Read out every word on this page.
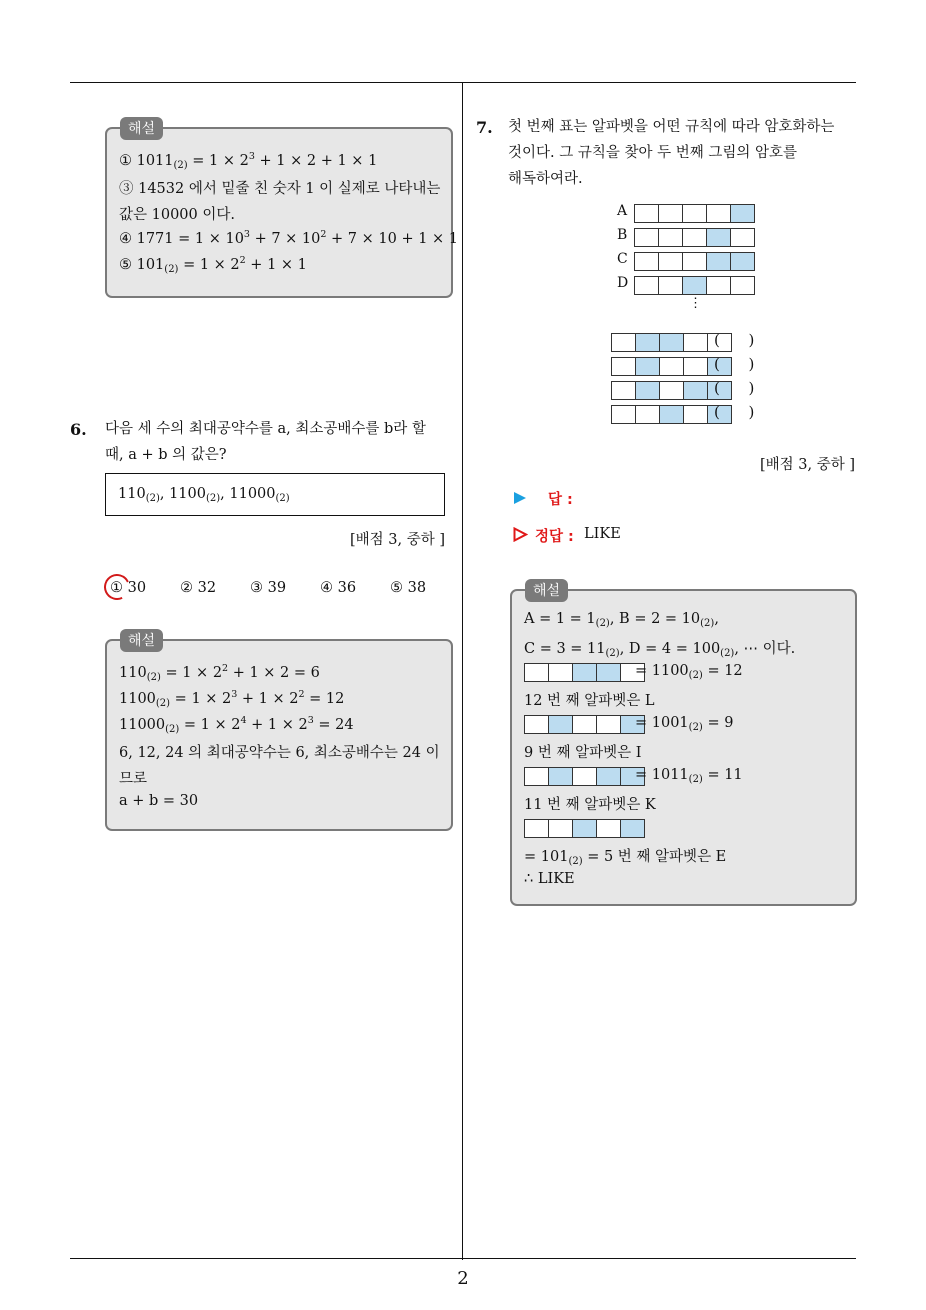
해설
① $1011_{(2)} = 1 \times 2^3 + 1 \times 2 + 1 \times 1$
③ 14532 에서 밑줄 친 숫자 1 이 실제로 나타내는
값은 10000 이다.
④ $1771 = 1 \times 10^3 + 7 \times 10^2 + 7 \times 10 + 1 \times 1$
⑤ $101_{(2)} = 1 \times 2^2 + 1 \times 1$
6. 다음 세 수의 최대공약수를 a, 최소공배수를 b라 할
때, a + b 의 값은?
$110_{(2)}$, $1100_{(2)}$, $11000_{(2)}$
[배점 3, 중하 ]
① 30 ② 32 ③ 39 ④ 36 ⑤ 38
해설
$110_{(2)} = 1 \times 2^2 + 1 \times 2 = 6$
$1100_{(2)} = 1 \times 2^3 + 1 \times 2^2 = 12$
$11000_{(2)} = 1 \times 2^4 + 1 \times 2^3 = 24$
6, 12, 24 의 최대공약수는 6, 최소공배수는 24 이
므로
a + b = 30
7. 첫 번째 표는 알파벳을 어떤 규칙에 따라 암호화하는
것이다. 그 규칙을 찾아 두 번째 그림의 암호를
해독하여라.
A
B
C
D
⋮
(      )
(      )
(      )
(      )
[배점 3, 중하 ]
답 :
정답 : LIKE
해설
$A = 1 = 1_{(2)}$, $B = 2 = 10_{(2)}$,
$C = 3 = 11_{(2)}$, $D = 4 = 100_{(2)}$, ⋯ 이다.
= $1100_{(2)} = 12$
12 번 째 알파벳은 L
= $1001_{(2)} = 9$
9 번 째 알파벳은 I
= $1011_{(2)} = 11$
11 번 째 알파벳은 K
= $101_{(2)} = 5$ 번 째 알파벳은 E
∴ LIKE
2
